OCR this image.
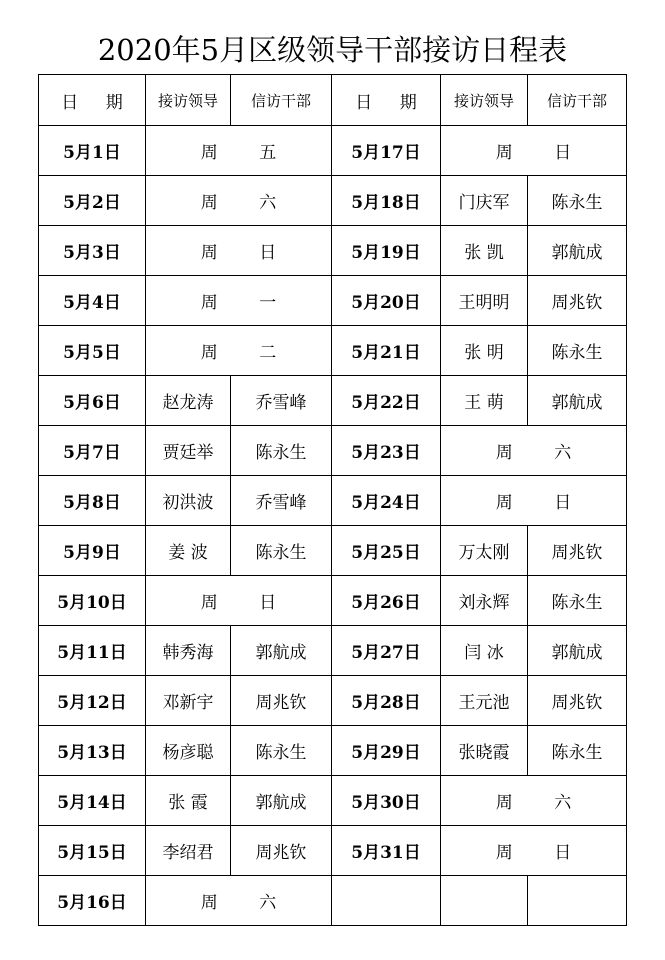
2020年5月区级领导干部接访日程表
日 期	接访领导	信访干部	日 期	接访领导	信访干部
5月1日	周 五		5月17日	周 日	
5月2日	周 六		5月18日	门庆军	陈永生
5月3日	周 日		5月19日	张 凯	郭航成
5月4日	周 一		5月20日	王明明	周兆钦
5月5日	周 二		5月21日	张 明	陈永生
5月6日	赵龙涛	乔雪峰	5月22日	王 萌	郭航成
5月7日	贾廷举	陈永生	5月23日	周 六	
5月8日	初洪波	乔雪峰	5月24日	周 日	
5月9日	姜 波	陈永生	5月25日	万太刚	周兆钦
5月10日	周 日		5月26日	刘永辉	陈永生
5月11日	韩秀海	郭航成	5月27日	闫 冰	郭航成
5月12日	邓新宇	周兆钦	5月28日	王元池	周兆钦
5月13日	杨彦聪	陈永生	5月29日	张晓霞	陈永生
5月14日	张 霞	郭航成	5月30日	周 六	
5月15日	李绍君	周兆钦	5月31日	周 日	
5月16日	周 六				
